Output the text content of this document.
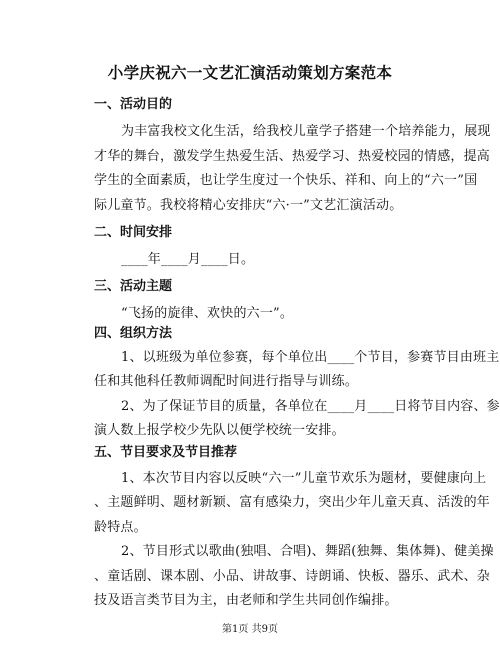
小学庆祝六一文艺汇演活动策划方案范本
一、活动目的
为丰富我校文化生活，给我校儿童学子搭建一个培养能力，展现
才华的舞台，激发学生热爱生活、热爱学习、热爱校园的情感，提高
学生的全面素质，也让学生度过一个快乐、祥和、向上的“六一”国
际儿童节。我校将精心安排庆“六·一”文艺汇演活动。
二、时间安排
____年____月____日。
三、活动主题
“飞扬的旋律、欢快的六一”。
四、组织方法
1、以班级为单位参赛，每个单位出____个节目，参赛节目由班主
任和其他科任教师调配时间进行指导与训练。
2、为了保证节目的质量，各单位在____月____日将节目内容、参
演人数上报学校少先队以便学校统一安排。
五、节目要求及节目推荐
1、本次节目内容以反映“六一”儿童节欢乐为题材，要健康向上
、主题鲜明、题材新颖、富有感染力，突出少年儿童天真、活泼的年
龄特点。
2、节目形式以歌曲(独唱、合唱)、舞蹈(独舞、集体舞)、健美操
第1页 共9页
、童话剧、课本剧、小品、讲故事、诗朗诵、快板、器乐、武术、杂
技及语言类节目为主，由老师和学生共同创作编排。
